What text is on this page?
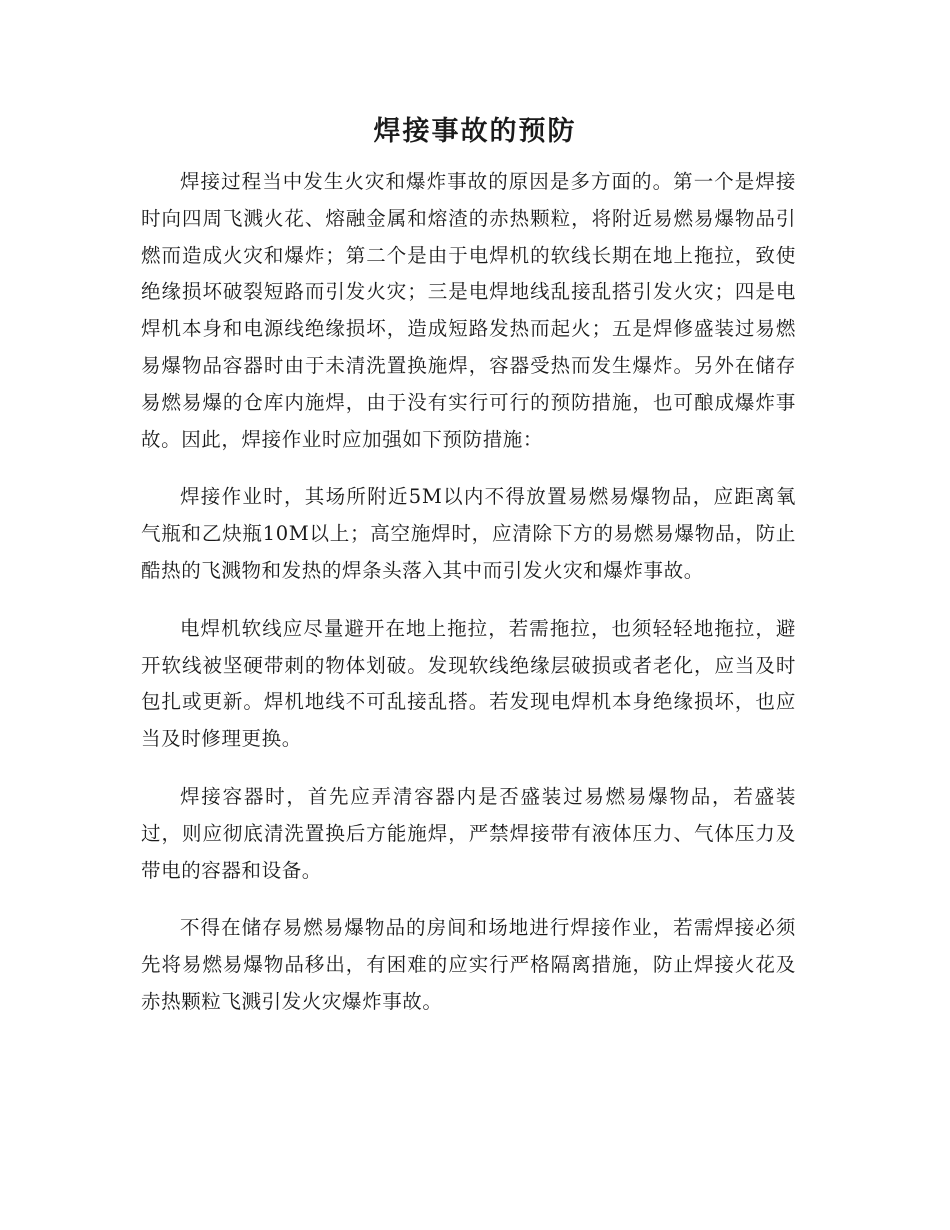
焊接事故的预防

焊接过程当中发生火灾和爆炸事故的原因是多方面的。第一个是焊接时向四周飞溅火花、熔融金属和熔渣的赤热颗粒，将附近易燃易爆物品引燃而造成火灾和爆炸；第二个是由于电焊机的软线长期在地上拖拉，致使绝缘损坏破裂短路而引发火灾；三是电焊地线乱接乱搭引发火灾；四是电焊机本身和电源线绝缘损坏，造成短路发热而起火；五是焊修盛装过易燃易爆物品容器时由于未清洗置换施焊，容器受热而发生爆炸。另外在储存易燃易爆的仓库内施焊，由于没有实行可行的预防措施，也可酿成爆炸事故。因此，焊接作业时应加强如下预防措施：

焊接作业时，其场所附近5M以内不得放置易燃易爆物品，应距离氧气瓶和乙炔瓶10M以上；高空施焊时，应清除下方的易燃易爆物品，防止酷热的飞溅物和发热的焊条头落入其中而引发火灾和爆炸事故。

电焊机软线应尽量避开在地上拖拉，若需拖拉，也须轻轻地拖拉，避开软线被坚硬带刺的物体划破。发现软线绝缘层破损或者老化，应当及时包扎或更新。焊机地线不可乱接乱搭。若发现电焊机本身绝缘损坏，也应当及时修理更换。

焊接容器时，首先应弄清容器内是否盛装过易燃易爆物品，若盛装过，则应彻底清洗置换后方能施焊，严禁焊接带有液体压力、气体压力及带电的容器和设备。

不得在储存易燃易爆物品的房间和场地进行焊接作业，若需焊接必须先将易燃易爆物品移出，有困难的应实行严格隔离措施，防止焊接火花及赤热颗粒飞溅引发火灾爆炸事故。
